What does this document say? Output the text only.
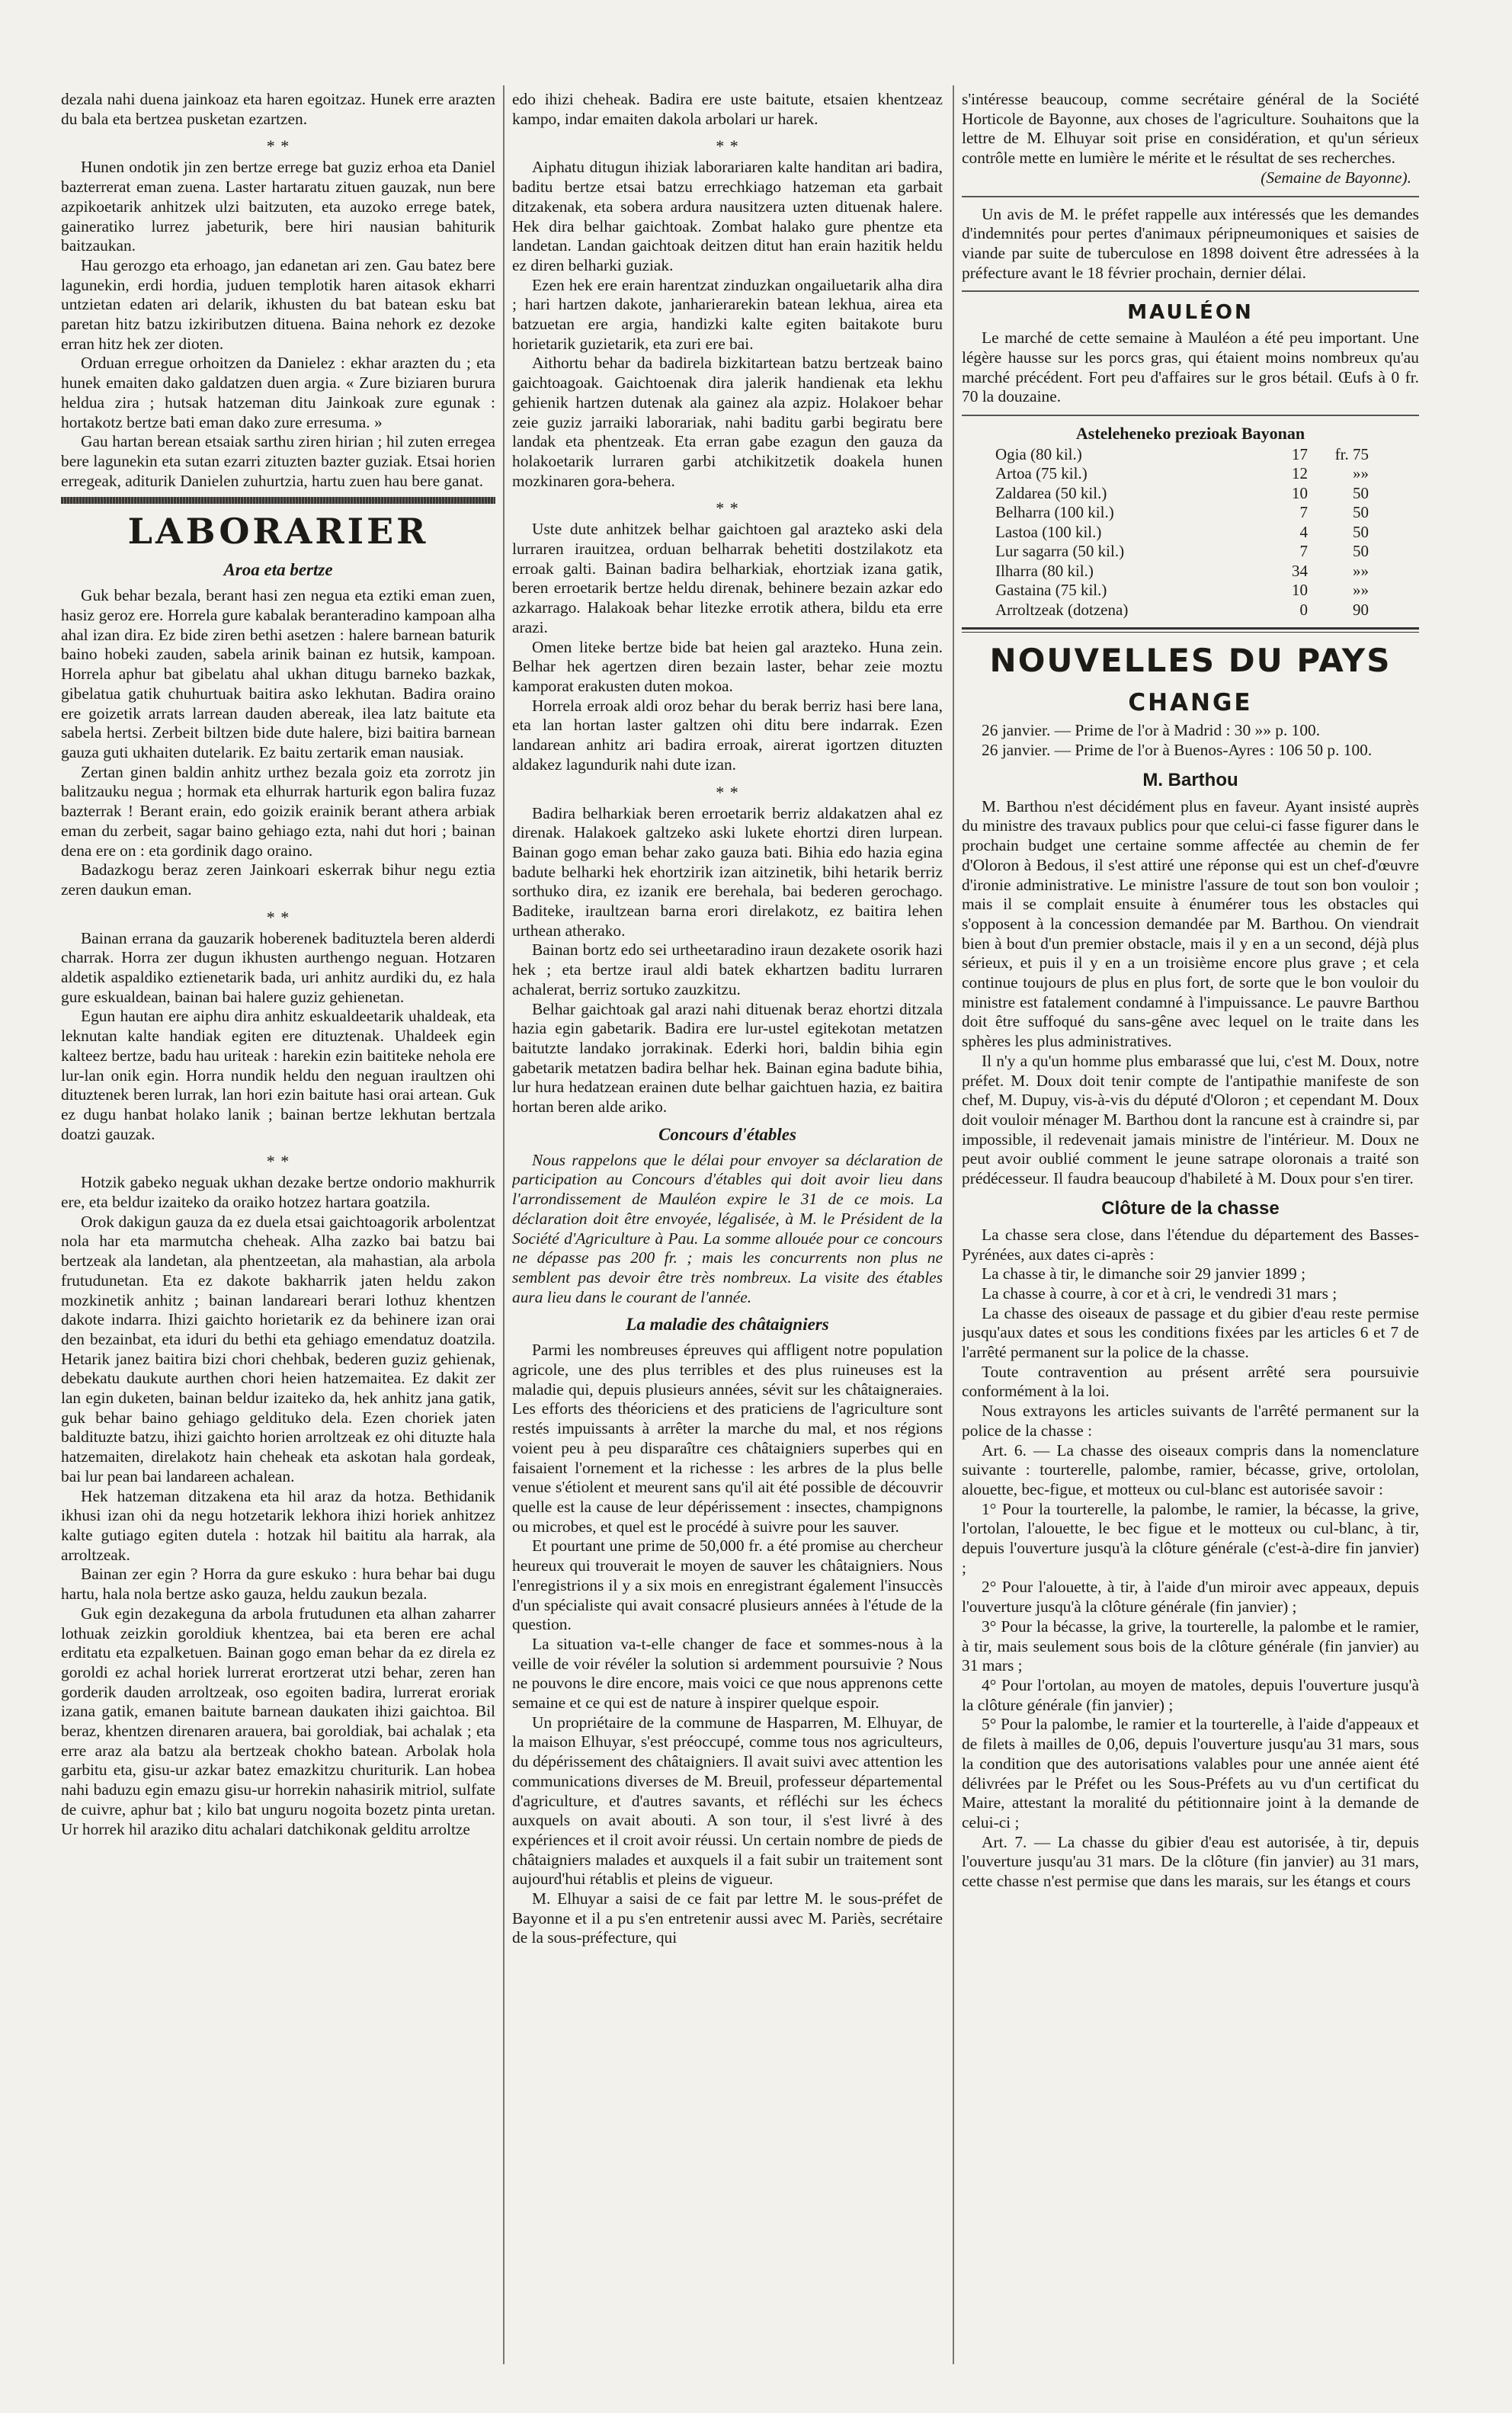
dezala nahi duena jainkoaz eta haren egoitzaz. Hunek erre arazten du bala eta bertzea pusketan ezartzen.

* *

Hunen ondotik jin zen bertze errege bat guziz erhoa eta Daniel bazterrerat eman zuena. Laster hartaratu zituen gauzak, nun bere azpikoetarik anhitzek ulzi baitzuten, eta auzoko errege batek, gaineratiko lurrez jabeturik, bere hiri nausian bahiturik baitzaukan.

Hau gerozgo eta erhoago, jan edanetan ari zen. Gau batez bere lagunekin, erdi hordia, juduen templotik haren aitasok ekharri untzietan edaten ari delarik, ikhusten du bat batean esku bat paretan hitz batzu izkiributzen dituena. Baina nehork ez dezoke erran hitz hek zer dioten.

Orduan erregue orhoitzen da Danielez : ekhar arazten du ; eta hunek emaiten dako galdatzen duen argia. « Zure biziaren burura heldua zira ; hutsak hatzeman ditu Jainkoak zure egunak : hortakotz bertze bati eman dako zure erresuma. »

Gau hartan berean etsaiak sarthu ziren hirian ; hil zuten erregea bere lagunekin eta sutan ezarri zituzten bazter guziak. Etsai horien erregeak, aditurik Danielen zuhurtzia, hartu zuen hau bere ganat.

LABORARIER
Aroa eta bertze

Guk behar bezala, berant hasi zen negua eta eztiki eman zuen, hasiz geroz ere. Horrela gure kabalak beranteradino kampoan alha ahal izan dira. Ez bide ziren bethi asetzen : halere barnean baturik baino hobeki zauden, sabela arinik bainan ez hutsik, kampoan. Horrela aphur bat gibelatu ahal ukhan ditugu barneko bazkak, gibelatua gatik chuhurtuak baitira asko lekhutan. Badira oraino ere goizetik arrats larrean dauden abereak, ilea latz baitute eta sabela hertsi. Zerbeit biltzen bide dute halere, bizi baitira barnean gauza guti ukhaiten dutelarik. Ez baitu zertarik eman nausiak.

Zertan ginen baldin anhitz urthez bezala goiz eta zorrotz jin balitzauku negua ; hormak eta elhurrak harturik egon balira fuzaz bazterrak ! Berant erain, edo goizik erainik berant athera arbiak eman du zerbeit, sagar baino gehiago ezta, nahi dut hori ; bainan dena ere on : eta gordinik dago oraino.

Badazkogu beraz zeren Jainkoari eskerrak bihur negu eztia zeren daukun eman.

* *

Bainan errana da gauzarik hoberenek badituztela beren alderdi charrak. Horra zer dugun ikhusten aurthengo neguan. Hotzaren aldetik aspaldiko eztienetarik bada, uri anhitz aurdiki du, ez hala gure eskualdean, bainan bai halere guziz gehienetan.

Egun hautan ere aiphu dira anhitz eskualdeetarik uhaldeak, eta leknutan kalte handiak egiten ere dituztenak. Uhaldeek egin kalteez bertze, badu hau uriteak : harekin ezin baititeke nehola ere lur-lan onik egin. Horra nundik heldu den neguan iraultzen ohi dituztenek beren lurrak, lan hori ezin baitute hasi orai artean. Guk ez dugu hanbat holako lanik ; bainan bertze lekhutan bertzala doatzi gauzak.

* *

Hotzik gabeko neguak ukhan dezake bertze ondorio makhurrik ere, eta beldur izaiteko da oraiko hotzez hartara goatzila.

Orok dakigun gauza da ez duela etsai gaichtoagorik arbolentzat nola har eta marmutcha cheheak. Alha zazko bai batzu bai bertzeak ala landetan, ala phentzeetan, ala mahastian, ala arbola frutudunetan. Eta ez dakote bakharrik jaten heldu zakon mozkinetik anhitz ; bainan landareari berari lothuz khentzen dakote indarra. Ihizi gaichto horietarik ez da behinere izan orai den bezainbat, eta iduri du bethi eta gehiago emendatuz doatzila. Hetarik janez baitira bizi chori chehbak, bederen guziz gehienak, debekatu daukute aurthen chori heien hatzemaitea. Ez dakit zer lan egin duketen, bainan beldur izaiteko da, hek anhitz jana gatik, guk behar baino gehiago gelditukо dela. Ezen choriek jaten baldituzte batzu, ihizi gaichto horien arroltzeak ez ohi dituzte hala hatzemaiten, direlakotz hain cheheak eta askotan hala gordeak, bai lur pean bai landareen achalean.

Hek hatzeman ditzakena eta hil araz da hotza. Bethidanik ikhusi izan ohi da negu hotzetarik lekhora ihizi horiek anhitzez kalte gutiago egiten dutela : hotzak hil baititu ala harrak, ala arroltzeak.

Bainan zer egin ? Horra da gure eskuko : hura behar bai dugu hartu, hala nola bertze asko gauza, heldu zaukun bezala.

Guk egin dezakeguna da arbola frutudunen eta alhan zaharrer lothuak zeizkin goroldiuk khentzea, bai eta beren ere achal erditatu eta ezpalketuen. Bainan gogo eman behar da ez direla ez goroldi ez achal horiek lurrerat erortzerat utzi behar, zeren han gorderik dauden arroltzeak, oso egoiten badira, lurrerat eroriak izana gatik, emanen baitute barnean daukaten ihizi gaichtoa. Bil beraz, khentzen direnaren arauera, bai goroldiak, bai achalak ; eta erre araz ala batzu ala bertzeak chokho batean. Arbolak hola garbitu eta, gisu-ur azkar batez emazkitzu churiturik. Lan hobea nahi baduzu egin emazu gisu-ur horrekin nahasirik mitriol, sulfate de cuivre, aphur bat ; kilo bat unguru nogoita bozetz pinta uretan. Ur horrek hil araziko ditu achalari datchikonak gelditu arroltze

edo ihizi cheheak. Badira ere uste baitute, etsaien khentzeaz kampo, indar emaiten dakola arbolari ur harek.

* *

Aiphatu ditugun ihiziak laborariaren kalte handitan ari badira, baditu bertze etsai batzu errechkiago hatzeman eta garbait ditzakenak, eta sobera ardura nausitzera uzten dituenak halere. Hek dira belhar gaichtoak. Zombat halako gure phentze eta landetan. Landan gaichtoak deitzen ditut han erain hazitik heldu ez diren belharki guziak.

Ezen hek ere erain harentzat zinduzkan ongailuetarik alha dira ; hari hartzen dakote, janharierarekin batean lekhua, airea eta batzuetan ere argia, handizki kalte egiten baitakote buru horietarik guzietarik, eta zuri ere bai.

Aithortu behar da badirela bizkitartean batzu bertzeak baino gaichtoagoak. Gaichtoenak dira jalerik handienak eta lekhu gehienik hartzen dutenak ala gainez ala azpiz. Holakoer behar zeie guziz jarraiki laborariak, nahi baditu garbi begiratu bere landak eta phentzeak. Eta erran gabe ezagun den gauza da holakoetarik lurraren garbi atchikitzetik doakela hunen mozkinaren gora-behera.

* *

Uste dute anhitzek belhar gaichtoen gal arazteko aski dela lurraren irauitzea, orduan belharrak behetiti dostzilakotz eta erroak galti. Bainan badira belharkiak, ehortziak izana gatik, beren erroetarik bertze heldu direnak, behinere bezain azkar edo azkarrago. Halakoak behar litezke errotik athera, bildu eta erre arazi.

Omen liteke bertze bide bat heien gal arazteko. Huna zein. Belhar hek agertzen diren bezain laster, behar zeie moztu kamporat erakusten duten mokoa.

Horrela erroak aldi oroz behar du berak berriz hasi bere lana, eta lan hortan laster galtzen ohi ditu bere indarrak. Ezen landarean anhitz ari badira erroak, airerat igortzen dituzten aldakez lagundurik nahi dute izan.

* *

Badira belharkiak beren erroetarik berriz aldakatzen ahal ez direnak. Halakoek galtzeko aski lukete ehortzi diren lurpean. Bainan gogo eman behar zako gauza bati. Bihia edo hazia egina badute belharki hek ehortzirik izan aitzinetik, bihi hetarik berriz sorthuko dira, ez izanik ere berehala, bai bederen gerochago. Baditeke, iraultzean barna erori direlakotz, ez baitira lehen urthean atherako.

Bainan bortz edo sei urtheetaradino iraun dezakete osorik hazi hek ; eta bertze iraul aldi batek ekhartzen baditu lurraren achalerat, berriz sortuko zauzkitzu.

Belhar gaichtoak gal arazi nahi dituenak beraz ehortzi ditzala hazia egin gabetarik. Badira ere lur-ustel egitekotan metatzen baitutzte landako jorrakinak. Ederki hori, baldin bihia egin gabetarik metatzen badira belhar hek. Bainan egina badute bihia, lur hura hedatzean erainen dute belhar gaichtuen hazia, ez baitira hortan beren alde ariko.

Concours d'étables

Nous rappelons que le délai pour envoyer sa déclaration de participation au Concours d'étables qui doit avoir lieu dans l'arrondissement de Mauléon expire le 31 de ce mois. La déclaration doit être envoyée, légalisée, à M. le Président de la Société d'Agriculture à Pau. La somme allouée pour ce concours ne dépasse pas 200 fr. ; mais les concurrents non plus ne semblent pas devoir être très nombreux. La visite des étables aura lieu dans le courant de l'année.

La maladie des châtaigniers

Parmi les nombreuses épreuves qui affligent notre population agricole, une des plus terribles et des plus ruineuses est la maladie qui, depuis plusieurs années, sévit sur les châtaigneraies. Les efforts des théoriciens et des praticiens de l'agriculture sont restés impuissants à arrêter la marche du mal, et nos régions voient peu à peu disparaître ces châtaigniers superbes qui en faisaient l'ornement et la richesse : les arbres de la plus belle venue s'étiolent et meurent sans qu'il ait été possible de découvrir quelle est la cause de leur dépérissement : insectes, champignons ou microbes, et quel est le procédé à suivre pour les sauver.

Et pourtant une prime de 50,000 fr. a été promise au chercheur heureux qui trouverait le moyen de sauver les châtaigniers. Nous l'enregistrions il y a six mois en enregistrant également l'insuccès d'un spécialiste qui avait consacré plusieurs années à l'étude de la question.

La situation va-t-elle changer de face et sommes-nous à la veille de voir révéler la solution si ardemment poursuivie ? Nous ne pouvons le dire encore, mais voici ce que nous apprenons cette semaine et ce qui est de nature à inspirer quelque espoir.

Un propriétaire de la commune de Hasparren, M. Elhuyar, de la maison Elhuyar, s'est préoccupé, comme tous nos agriculteurs, du dépérissement des châtaigniers. Il avait suivi avec attention les communications diverses de M. Breuil, professeur départemental d'agriculture, et d'autres savants, et réfléchi sur les échecs auxquels on avait abouti. A son tour, il s'est livré à des expériences et il croit avoir réussi. Un certain nombre de pieds de châtaigniers malades et auxquels il a fait subir un traitement sont aujourd'hui rétablis et pleins de vigueur.

M. Elhuyar a saisi de ce fait par lettre M. le sous-préfet de Bayonne et il a pu s'en entretenir aussi avec M. Pariès, secrétaire de la sous-préfecture, qui

s'intéresse beaucoup, comme secrétaire général de la Société Horticole de Bayonne, aux choses de l'agriculture. Souhaitons que la lettre de M. Elhuyar soit prise en considération, et qu'un sérieux contrôle mette en lumière le mérite et le résultat de ses recherches.

(Semaine de Bayonne).

Un avis de M. le préfet rappelle aux intéressés que les demandes d'indemnités pour pertes d'animaux péripneumoniques et saisies de viande par suite de tuberculose en 1898 doivent être adressées à la préfecture avant le 18 février prochain, dernier délai.

MAULÉON

Le marché de cette semaine à Mauléon a été peu important. Une légère hausse sur les porcs gras, qui étaient moins nombreux qu'au marché précédent. Fort peu d'affaires sur le gros bétail. Œufs à 0 fr. 70 la douzaine.

Asteleheneko prezioak Bayonan
Ogia (80 kil.)	17	fr. 75
Artoa (75 kil.)	12	»»
Zaldarea (50 kil.)	10	50
Belharra (100 kil.)	7	50
Lastoa (100 kil.)	4	50
Lur sagarra (50 kil.)	7	50
Ilharra (80 kil.)	34	»»
Gastaina (75 kil.)	10	»»
Arroltzeak (dotzena)	0	90
NOUVELLES DU PAYS
CHANGE

26 janvier. — Prime de l'or à Madrid : 30 »» p. 100.

26 janvier. — Prime de l'or à Buenos-Ayres : 106 50 p. 100.

M. Barthou

M. Barthou n'est décidément plus en faveur. Ayant insisté auprès du ministre des travaux publics pour que celui-ci fasse figurer dans le prochain budget une certaine somme affectée au chemin de fer d'Oloron à Bedous, il s'est attiré une réponse qui est un chef-d'œuvre d'ironie administrative. Le ministre l'assure de tout son bon vouloir ; mais il se complait ensuite à énumérer tous les obstacles qui s'opposent à la concession demandée par M. Barthou. On viendrait bien à bout d'un premier obstacle, mais il y en a un second, déjà plus sérieux, et puis il y en a un troisième encore plus grave ; et cela continue toujours de plus en plus fort, de sorte que le bon vouloir du ministre est fatalement condamné à l'impuissance. Le pauvre Barthou doit être suffoqué du sans-gêne avec lequel on le traite dans les sphères les plus administratives.

Il n'y a qu'un homme plus embarassé que lui, c'est M. Doux, notre préfet. M. Doux doit tenir compte de l'antipathie manifeste de son chef, M. Dupuy, vis-à-vis du député d'Oloron ; et cependant M. Doux doit vouloir ménager M. Barthou dont la rancune est à craindre si, par impossible, il redevenait jamais ministre de l'intérieur. M. Doux ne peut avoir oublié comment le jeune satrape oloronais a traité son prédécesseur. Il faudra beaucoup d'habileté à M. Doux pour s'en tirer.

Clôture de la chasse

La chasse sera close, dans l'étendue du département des Basses-Pyrénées, aux dates ci-après :

La chasse à tir, le dimanche soir 29 janvier 1899 ;

La chasse à courre, à cor et à cri, le vendredi 31 mars ;

La chasse des oiseaux de passage et du gibier d'eau reste permise jusqu'aux dates et sous les conditions fixées par les articles 6 et 7 de l'arrêté permanent sur la police de la chasse.

Toute contravention au présent arrêté sera poursuivie conformément à la loi.

Nous extrayons les articles suivants de l'arrêté permanent sur la police de la chasse :

Art. 6. — La chasse des oiseaux compris dans la nomenclature suivante : tourterelle, palombe, ramier, bécasse, grive, ortololan, alouette, bec-figue, et motteux ou cul-blanc est autorisée savoir :

1° Pour la tourterelle, la palombe, le ramier, la bécasse, la grive, l'ortolan, l'alouette, le bec figue et le motteux ou cul-blanc, à tir, depuis l'ouverture jusqu'à la clôture générale (c'est-à-dire fin janvier) ;

2° Pour l'alouette, à tir, à l'aide d'un miroir avec appeaux, depuis l'ouverture jusqu'à la clôture générale (fin janvier) ;

3° Pour la bécasse, la grive, la tourterelle, la palombe et le ramier, à tir, mais seulement sous bois de la clôture générale (fin janvier) au 31 mars ;

4° Pour l'ortolan, au moyen de matoles, depuis l'ouverture jusqu'à la clôture générale (fin janvier) ;

5° Pour la palombe, le ramier et la tourterelle, à l'aide d'appeaux et de filets à mailles de 0,06, depuis l'ouverture jusqu'au 31 mars, sous la condition que des autorisations valables pour une année aient été délivrées par le Préfet ou les Sous-Préfets au vu d'un certificat du Maire, attestant la moralité du pétitionnaire joint à la demande de celui-ci ;

Art. 7. — La chasse du gibier d'eau est autorisée, à tir, depuis l'ouverture jusqu'au 31 mars. De la clôture (fin janvier) au 31 mars, cette chasse n'est permise que dans les marais, sur les étangs et cours
